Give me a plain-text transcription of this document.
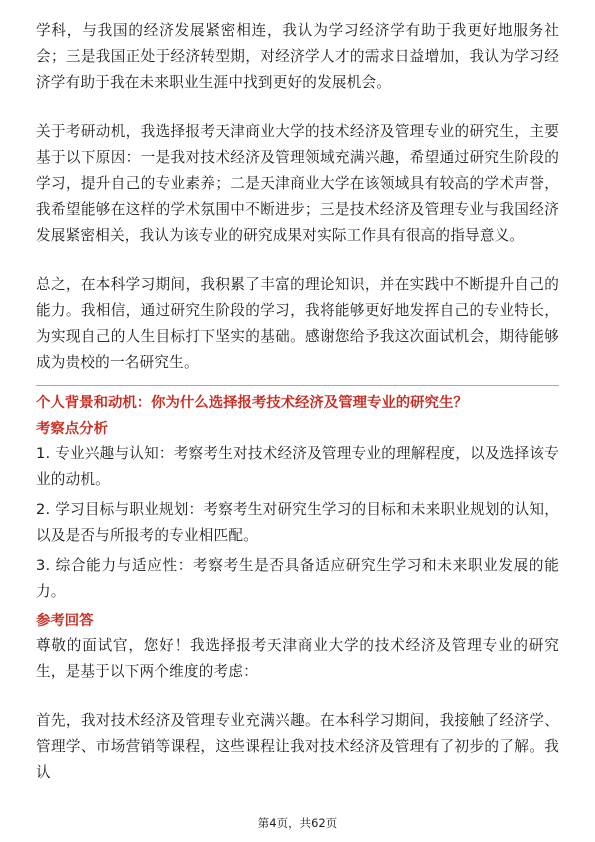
学科，与我国的经济发展紧密相连，我认为学习经济学有助于我更好地服务社会；三是我国正处于经济转型期，对经济学人才的需求日益增加，我认为学习经济学有助于我在未来职业生涯中找到更好的发展机会。

关于考研动机，我选择报考天津商业大学的技术经济及管理专业的研究生，主要基于以下原因：一是我对技术经济及管理领域充满兴趣，希望通过研究生阶段的学习，提升自己的专业素养；二是天津商业大学在该领域具有较高的学术声誉，我希望能够在这样的学术氛围中不断进步；三是技术经济及管理专业与我国经济发展紧密相关，我认为该专业的研究成果对实际工作具有很高的指导意义。

总之，在本科学习期间，我积累了丰富的理论知识，并在实践中不断提升自己的能力。我相信，通过研究生阶段的学习，我将能够更好地发挥自己的专业特长，为实现自己的人生目标打下坚实的基础。感谢您给予我这次面试机会，期待能够成为贵校的一名研究生。

个人背景和动机：你为什么选择报考技术经济及管理专业的研究生？

考察点分析

1. 专业兴趣与认知：考察考生对技术经济及管理专业的理解程度，以及选择该专业的动机。

2. 学习目标与职业规划：考察考生对研究生学习的目标和未来职业规划的认知，以及是否与所报考的专业相匹配。

3. 综合能力与适应性：考察考生是否具备适应研究生学习和未来职业发展的能力。

参考回答

尊敬的面试官，您好！我选择报考天津商业大学的技术经济及管理专业的研究生，是基于以下两个维度的考虑：

首先，我对技术经济及管理专业充满兴趣。在本科学习期间，我接触了经济学、管理学、市场营销等课程，这些课程让我对技术经济及管理有了初步的了解。我认

第4页，共62页
